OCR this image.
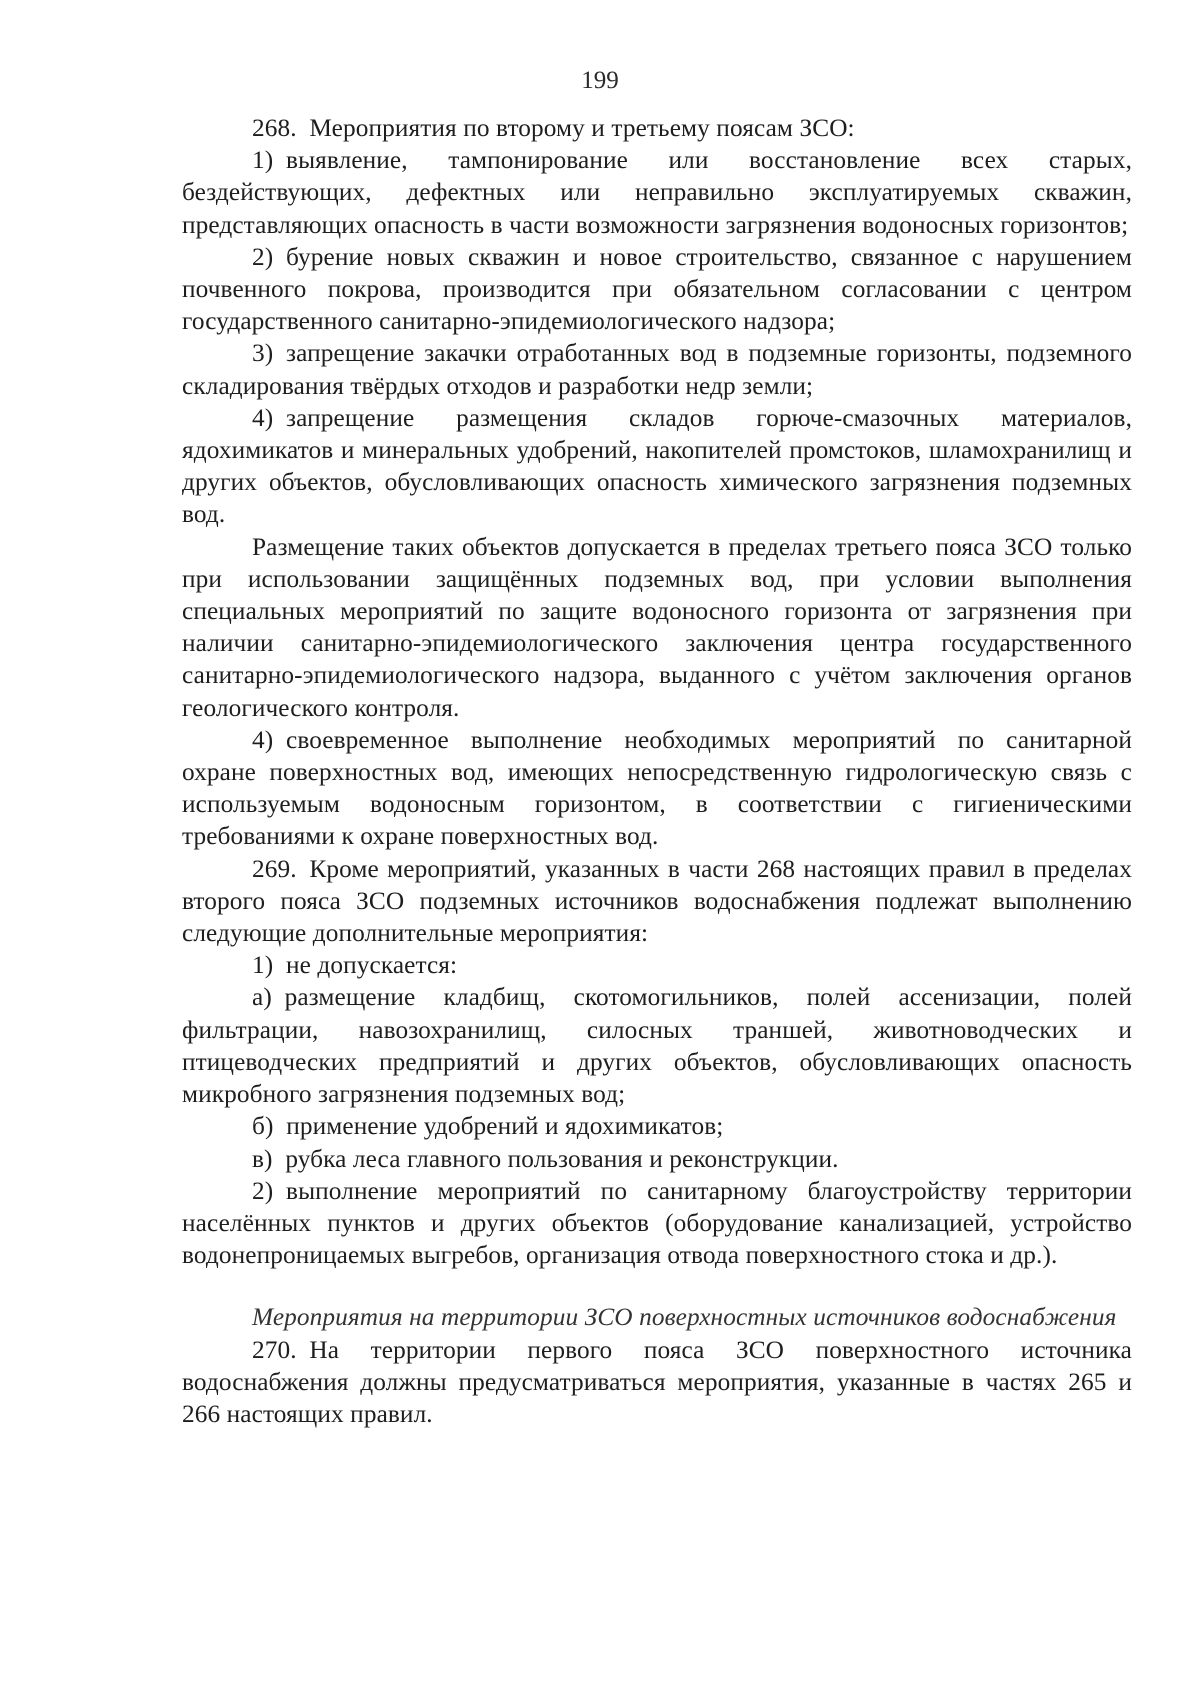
199

268. Мероприятия по второму и третьему поясам ЗСО:

1) выявление, тампонирование или восстановление всех старых, бездействующих, дефектных или неправильно эксплуатируемых скважин, представляющих опасность в части возможности загрязнения водоносных горизонтов;

2) бурение новых скважин и новое строительство, связанное с нарушением почвенного покрова, производится при обязательном согласовании с центром государственного санитарно-эпидемиологического надзора;

3) запрещение закачки отработанных вод в подземные горизонты, подземного складирования твёрдых отходов и разработки недр земли;

4) запрещение размещения складов горюче-смазочных материалов, ядохимикатов и минеральных удобрений, накопителей промстоков, шламохранилищ и других объектов, обусловливающих опасность химического загрязнения подземных вод.

Размещение таких объектов допускается в пределах третьего пояса ЗСО только при использовании защищённых подземных вод, при условии выполнения специальных мероприятий по защите водоносного горизонта от загрязнения при наличии санитарно-эпидемиологического заключения центра государственного санитарно-эпидемиологического надзора, выданного с учётом заключения органов геологического контроля.

4) своевременное выполнение необходимых мероприятий по санитарной охране поверхностных вод, имеющих непосредственную гидрологическую связь с используемым водоносным горизонтом, в соответствии с гигиеническими требованиями к охране поверхностных вод.

269. Кроме мероприятий, указанных в части 268 настоящих правил в пределах второго пояса ЗСО подземных источников водоснабжения подлежат выполнению следующие дополнительные мероприятия:

1) не допускается:

а) размещение кладбищ, скотомогильников, полей ассенизации, полей фильтрации, навозохранилищ, силосных траншей, животноводческих и птицеводческих предприятий и других объектов, обусловливающих опасность микробного загрязнения подземных вод;

б) применение удобрений и ядохимикатов;

в) рубка леса главного пользования и реконструкции.

2) выполнение мероприятий по санитарному благоустройству территории населённых пунктов и других объектов (оборудование канализацией, устройство водонепроницаемых выгребов, организация отвода поверхностного стока и др.).

Мероприятия на территории ЗСО поверхностных источников водоснабжения

270. На территории первого пояса ЗСО поверхностного источника водоснабжения должны предусматриваться мероприятия, указанные в частях 265 и 266 настоящих правил.
